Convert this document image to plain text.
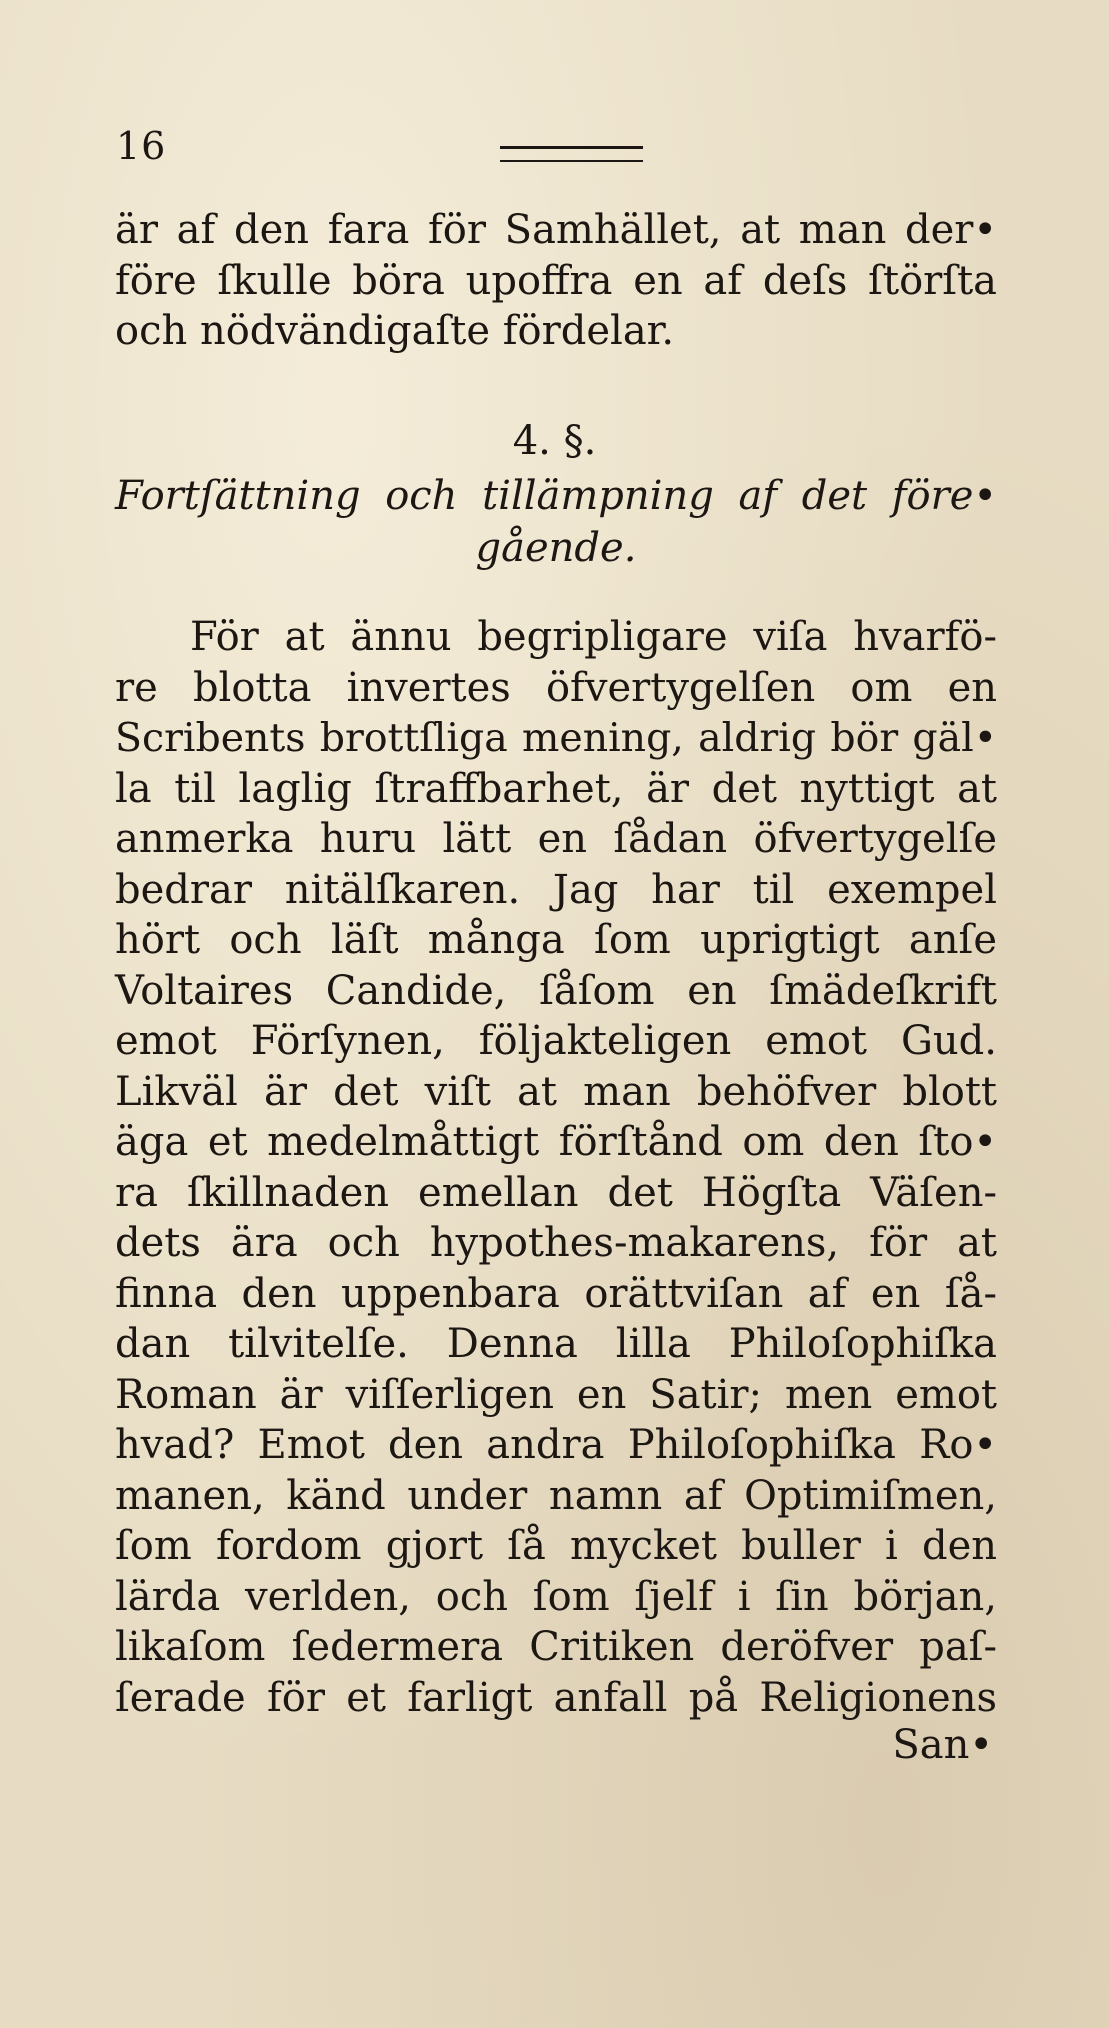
16
är af den fara för Samhället, at man der•
före ſkulle böra upoffra en af deſs ſtörſta
och nödvändigaſte fördelar.
4. §.
Fortſättning och tillämpning af det före•
gående.
För at ännu begripligare viſa hvarfö-
re blotta invertes öfvertygelſen om en
Scribents brottſliga mening, aldrig bör gäl•
la til laglig ſtraffbarhet, är det nyttigt at
anmerka huru lätt en ſådan öfvertygelſe
bedrar nitälſkaren. Jag har til exempel
hört och läſt många ſom uprigtigt anſe
Voltaires Candide, ſåſom en ſmädeſkrift
emot Förſynen, följakteligen emot Gud.
Likväl är det viſt at man behöfver blott
äga et medelmåttigt förſtånd om den ſto•
ra ſkillnaden emellan det Högſta Väſen-
dets ära och hypothes-makarens, för at
finna den uppenbara orättviſan af en ſå-
dan tilvitelſe. Denna lilla Philoſophiſka
Roman är viſſerligen en Satir; men emot
hvad? Emot den andra Philoſophiſka Ro•
manen, känd under namn af Optimiſmen,
ſom fordom gjort ſå mycket buller i den
lärda verlden, och ſom ſjelf i ſin början,
likaſom ſedermera Critiken deröfver paſ-
ſerade för et farligt anfall på Religionens
San•
